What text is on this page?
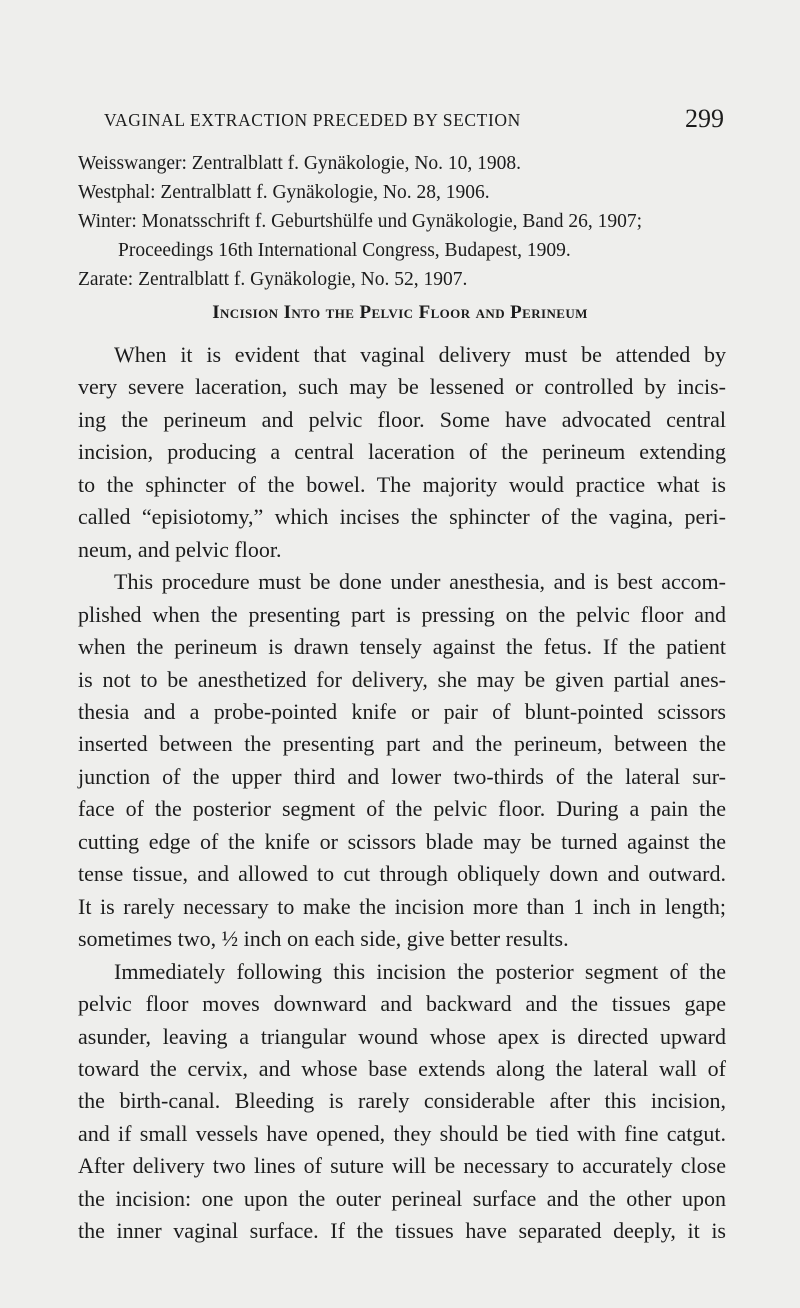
VAGINAL EXTRACTION PRECEDED BY SECTION	299
Weisswanger: Zentralblatt f. Gynäkologie, No. 10, 1908.
Westphal: Zentralblatt f. Gynäkologie, No. 28, 1906.
Winter: Monatsschrift f. Geburtshülfe und Gynäkologie, Band 26, 1907;
Proceedings 16th International Congress, Budapest, 1909.
Zarate: Zentralblatt f. Gynäkologie, No. 52, 1907.
Incision Into the Pelvic Floor and Perineum

When it is evident that vaginal delivery must be attended by
very severe laceration, such may be lessened or controlled by incis-
ing the perineum and pelvic floor. Some have advocated central
incision, producing a central laceration of the perineum extending
to the sphincter of the bowel. The majority would practice what is
called “episiotomy,” which incises the sphincter of the vagina, peri-
neum, and pelvic floor.

This procedure must be done under anesthesia, and is best accom-
plished when the presenting part is pressing on the pelvic floor and
when the perineum is drawn tensely against the fetus. If the patient
is not to be anesthetized for delivery, she may be given partial anes-
thesia and a probe-pointed knife or pair of blunt-pointed scissors
inserted between the presenting part and the perineum, between the
junction of the upper third and lower two-thirds of the lateral sur-
face of the posterior segment of the pelvic floor. During a pain the
cutting edge of the knife or scissors blade may be turned against the
tense tissue, and allowed to cut through obliquely down and outward.
It is rarely necessary to make the incision more than 1 inch in length;
sometimes two, ½ inch on each side, give better results.

Immediately following this incision the posterior segment of the
pelvic floor moves downward and backward and the tissues gape
asunder, leaving a triangular wound whose apex is directed upward
toward the cervix, and whose base extends along the lateral wall of
the birth-canal. Bleeding is rarely considerable after this incision,
and if small vessels have opened, they should be tied with fine catgut.
After delivery two lines of suture will be necessary to accurately close
the incision: one upon the outer perineal surface and the other upon
the inner vaginal surface. If the tissues have separated deeply, it is
